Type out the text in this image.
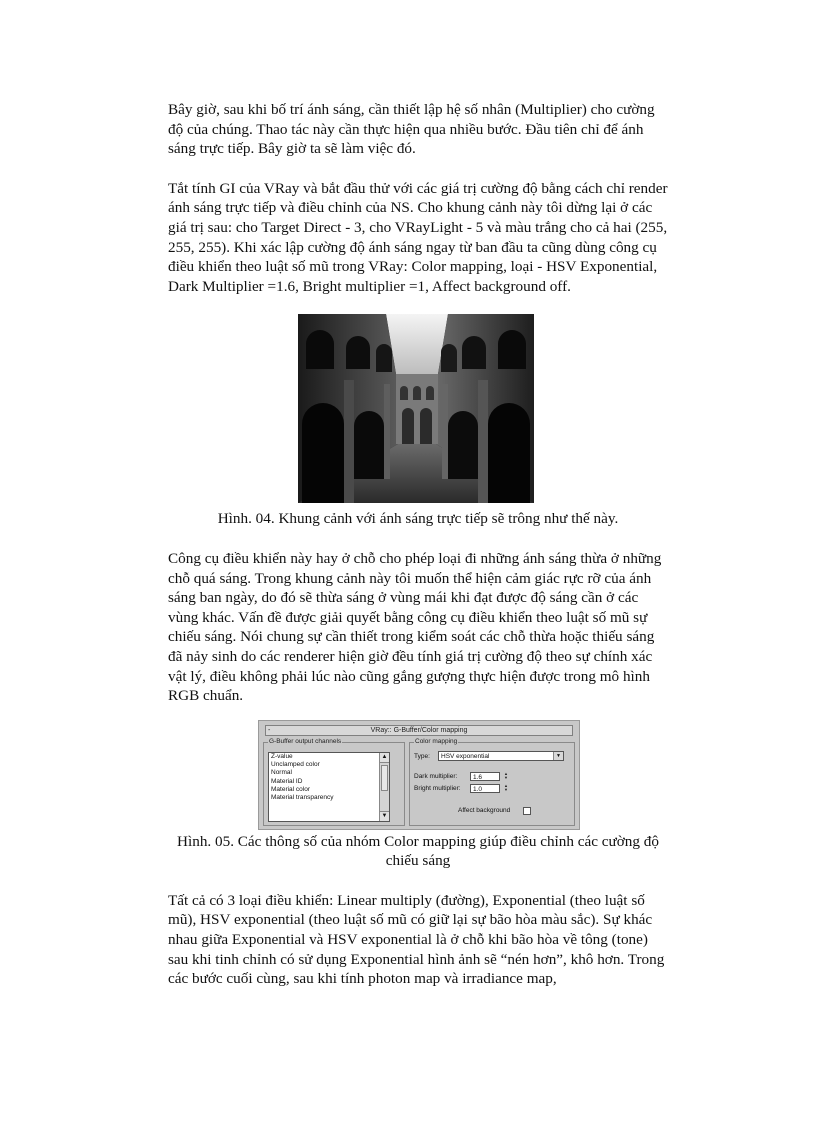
Bây giờ, sau khi bố trí ánh sáng, cần thiết lập hệ số nhân (Multiplier) cho cường độ của chúng. Thao tác này cần thực hiện qua nhiều bước. Đầu tiên chỉ để ánh sáng trực tiếp. Bây giờ ta sẽ làm việc đó.

Tắt tính GI của VRay và bắt đầu thử với các giá trị cường độ bằng cách chỉ render ánh sáng trực tiếp và điều chỉnh của NS. Cho khung cảnh này tôi dừng lại ở các giá trị sau: cho Target Direct - 3, cho VRayLight - 5 và màu trắng cho cả hai (255, 255, 255). Khi xác lập cường độ ánh sáng ngay từ ban đầu ta cũng dùng công cụ điều khiển theo luật số mũ trong VRay: Color mapping, loại - HSV Exponential, Dark Multiplier =1.6, Bright multiplier =1, Affect background off.

Hình. 04. Khung cảnh với ánh sáng trực tiếp sẽ trông như thế này.

Công cụ điều khiển này hay ở chỗ cho phép loại đi những ánh sáng thừa ở những chỗ quá sáng. Trong khung cảnh này tôi muốn thể hiện cảm giác rực rỡ của ánh sáng ban ngày, do đó sẽ thừa sáng ở vùng mái khi đạt được độ sáng cần ở các vùng khác. Vấn đề được giải quyết bằng công cụ điều khiển theo luật số mũ sự chiếu sáng. Nói chung sự cần thiết trong kiểm soát các chỗ thừa hoặc thiếu sáng đã nảy sinh do các renderer hiện giờ đều tính giá trị cường độ theo sự chính xác vật lý, điều không phải lúc nào cũng gắng gượng thực hiện được trong mô hình RGB chuẩn.

-	VRay:: G-Buffer/Color mapping
G-Buffer output channels
Z-value
Unclamped color
Normal
Material ID
Material color
Material transparency
▲
▼
Color mapping
Type:	HSV exponential	▼
Dark multiplier:	1.6
▲
▼
Bright multiplier:	1.0
▲
▼
Affect background
Hình. 05. Các thông số của nhóm Color mapping giúp điều chỉnh các cường độ chiếu sáng

Tất cả có 3 loại điều khiển: Linear multiply (đường), Exponential (theo luật số mũ), HSV exponential (theo luật số mũ có giữ lại sự bão hòa màu sắc). Sự khác nhau giữa Exponential và HSV exponential là ở chỗ khi bão hòa về tông (tone) sau khi tinh chỉnh có sử dụng Exponential hình ảnh sẽ “nén hơn”, khô hơn. Trong các bước cuối cùng, sau khi tính photon map và irradiance map,
